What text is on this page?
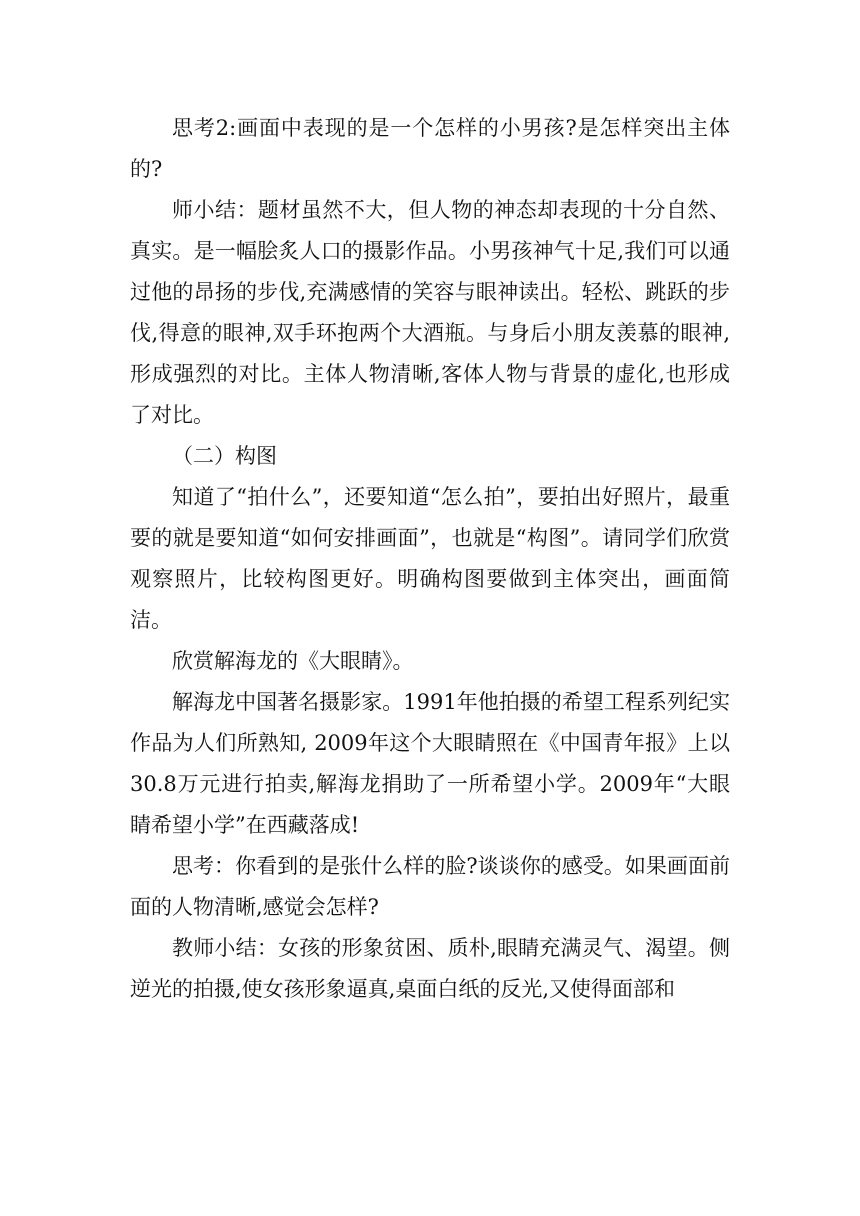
思考2:画面中表现的是一个怎样的小男孩?是怎样突出主体的?

师小结：题材虽然不大，但人物的神态却表现的十分自然、真实。是一幅脍炙人口的摄影作品。小男孩神气十足,我们可以通过他的昂扬的步伐,充满感情的笑容与眼神读出。轻松、跳跃的步伐,得意的眼神,双手环抱两个大酒瓶。与身后小朋友羡慕的眼神,形成强烈的对比。主体人物清晰,客体人物与背景的虚化,也形成了对比。

（二）构图

知道了“拍什么”，还要知道“怎么拍”，要拍出好照片，最重要的就是要知道“如何安排画面”，也就是“构图”。请同学们欣赏观察照片，比较构图更好。明确构图要做到主体突出，画面简洁。

欣赏解海龙的《大眼睛》。

解海龙中国著名摄影家。1991年他拍摄的希望工程系列纪实作品为人们所熟知, 2009年这个大眼睛照在《中国青年报》上以30.8万元进行拍卖,解海龙捐助了一所希望小学。2009年“大眼睛希望小学”在西藏落成!

思考：你看到的是张什么样的脸?谈谈你的感受。如果画面前面的人物清晰,感觉会怎样?

教师小结：女孩的形象贫困、质朴,眼睛充满灵气、渴望。侧逆光的拍摄,使女孩形象逼真,桌面白纸的反光,又使得面部和
